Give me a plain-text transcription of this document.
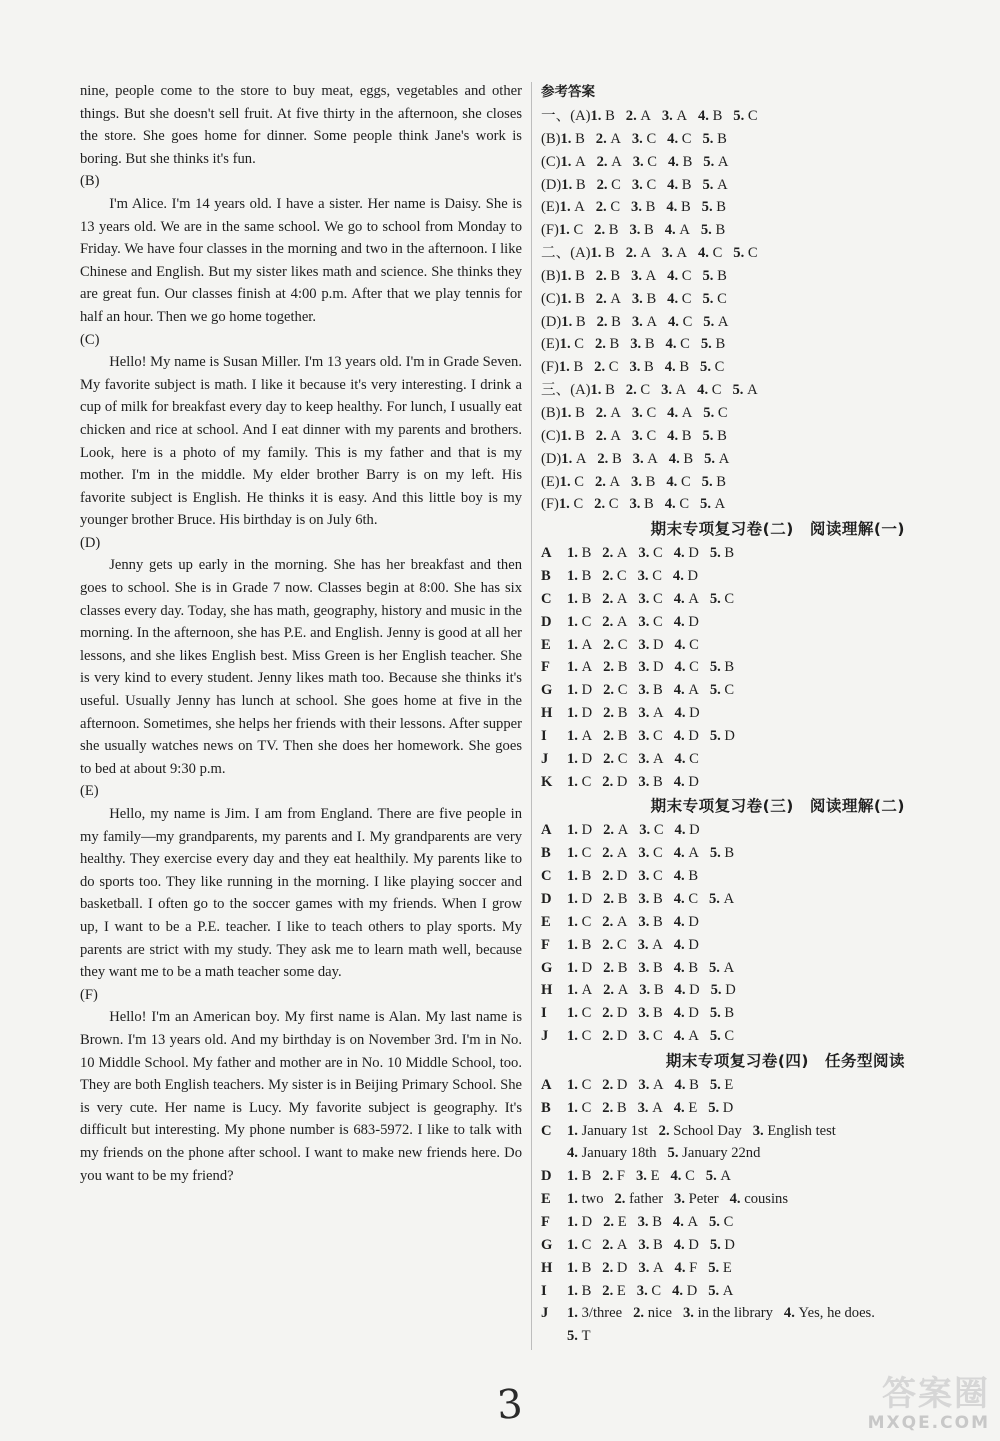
nine, people come to the store to buy meat, eggs, vegetables and other things. But she doesn't sell fruit. At five thirty in the afternoon, she closes the store. She goes home for dinner. Some people think Jane's work is boring. But she thinks it's fun.

(B)

I'm Alice. I'm 14 years old. I have a sister. Her name is Daisy. She is 13 years old. We are in the same school. We go to school from Monday to Friday. We have four classes in the morning and two in the afternoon. I like Chinese and English. But my sister likes math and science. She thinks they are great fun. Our classes finish at 4:00 p.m. After that we play tennis for half an hour. Then we go home together.

(C)

Hello! My name is Susan Miller. I'm 13 years old. I'm in Grade Seven. My favorite subject is math. I like it because it's very interesting. I drink a cup of milk for breakfast every day to keep healthy. For lunch, I usually eat chicken and rice at school. And I eat dinner with my parents and brothers. Look, here is a photo of my family. This is my father and that is my mother. I'm in the middle. My elder brother Barry is on my left. His favorite subject is English. He thinks it is easy. And this little boy is my younger brother Bruce. His birthday is on July 6th.

(D)

Jenny gets up early in the morning. She has her breakfast and then goes to school. She is in Grade 7 now. Classes begin at 8:00. She has six classes every day. Today, she has math, geography, history and music in the morning. In the afternoon, she has P.E. and English. Jenny is good at all her lessons, and she likes English best. Miss Green is her English teacher. She is very kind to every student. Jenny likes math too. Because she thinks it's useful. Usually Jenny has lunch at school. She goes home at five in the afternoon. Sometimes, she helps her friends with their lessons. After supper she usually watches news on TV. Then she does her homework. She goes to bed at about 9:30 p.m.

(E)

Hello, my name is Jim. I am from England. There are five people in my family—my grandparents, my parents and I. My grandparents are very healthy. They exercise every day and they eat healthily. My parents like to do sports too. They like running in the morning. I like playing soccer and basketball. I often go to the soccer games with my friends. When I grow up, I want to be a P.E. teacher. I like to teach others to play sports. My parents are strict with my study. They ask me to learn math well, because they want me to be a math teacher some day.

(F)

Hello! I'm an American boy. My first name is Alan. My last name is Brown. I'm 13 years old. And my birthday is on November 3rd. I'm in No. 10 Middle School. My father and mother are in No. 10 Middle School, too. They are both English teachers. My sister is in Beijing Primary School. She is very cute. Her name is Lucy. My favorite subject is geography. It's difficult but interesting. My phone number is 683-5972. I like to talk with my friends on the phone after school. I want to make new friends here. Do you want to be my friend?

参考答案
一、(A)1. B 2. A 3. A 4. B 5. C
(B)1. B 2. A 3. C 4. C 5. B
(C)1. A 2. A 3. C 4. B 5. A
(D)1. B 2. C 3. C 4. B 5. A
(E)1. A 2. C 3. B 4. B 5. B
(F)1. C 2. B 3. B 4. A 5. B
二、(A)1. B 2. A 3. A 4. C 5. C
(B)1. B 2. B 3. A 4. C 5. B
(C)1. B 2. A 3. B 4. C 5. C
(D)1. B 2. B 3. A 4. C 5. A
(E)1. C 2. B 3. B 4. C 5. B
(F)1. B 2. C 3. B 4. B 5. C
三、(A)1. B 2. C 3. A 4. C 5. A
(B)1. B 2. A 3. C 4. A 5. C
(C)1. B 2. A 3. C 4. B 5. B
(D)1. A 2. B 3. A 4. B 5. A
(E)1. C 2. A 3. B 4. C 5. B
(F)1. C 2. C 3. B 4. C 5. A
期末专项复习卷(二) 阅读理解(一)
A 1. B 2. A 3. C 4. D 5. B
B 1. B 2. C 3. C 4. D
C 1. B 2. A 3. C 4. A 5. C
D 1. C 2. A 3. C 4. D
E 1. A 2. C 3. D 4. C
F 1. A 2. B 3. D 4. C 5. B
G 1. D 2. C 3. B 4. A 5. C
H 1. D 2. B 3. A 4. D
I 1. A 2. B 3. C 4. D 5. D
J 1. D 2. C 3. A 4. C
K 1. C 2. D 3. B 4. D
期末专项复习卷(三) 阅读理解(二)
A 1. D 2. A 3. C 4. D
B 1. C 2. A 3. C 4. A 5. B
C 1. B 2. D 3. C 4. B
D 1. D 2. B 3. B 4. C 5. A
E 1. C 2. A 3. B 4. D
F 1. B 2. C 3. A 4. D
G 1. D 2. B 3. B 4. B 5. A
H 1. A 2. A 3. B 4. D 5. D
I 1. C 2. D 3. B 4. D 5. B
J 1. C 2. D 3. C 4. A 5. C
期末专项复习卷(四) 任务型阅读
A 1. C 2. D 3. A 4. B 5. E
B 1. C 2. B 3. A 4. E 5. D
C 1. January 1st 2. School Day 3. English test
4. January 18th 5. January 22nd
D 1. B 2. F 3. E 4. C 5. A
E 1. two 2. father 3. Peter 4. cousins
F 1. D 2. E 3. B 4. A 5. C
G 1. C 2. A 3. B 4. D 5. D
H 1. B 2. D 3. A 4. F 5. E
I 1. B 2. E 3. C 4. D 5. A
J 1. 3/three 2. nice 3. in the library 4. Yes, he does.
5. T
3	答案圈
MXQE.COM
